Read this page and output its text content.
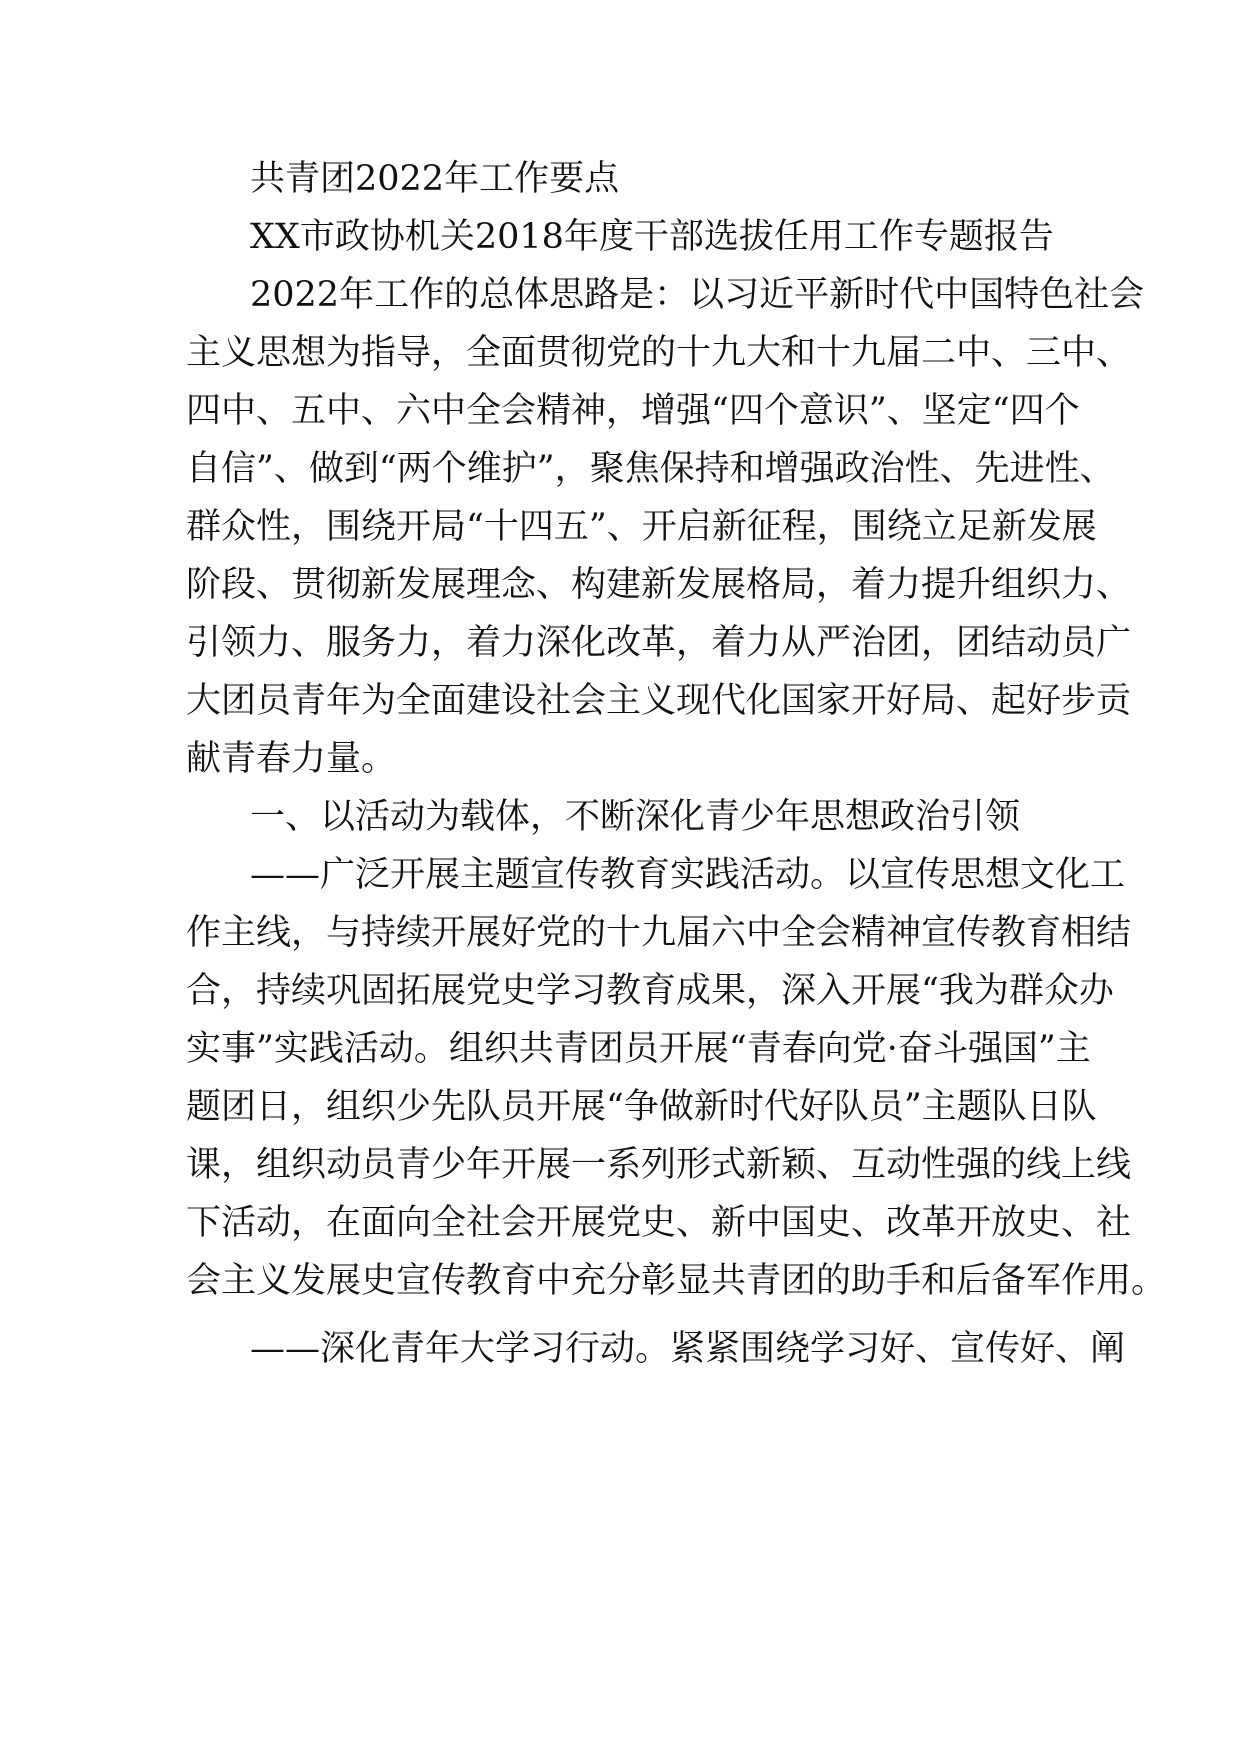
共青团2022年工作要点
XX市政协机关2018年度干部选拔任用工作专题报告
2022年工作的总体思路是：以习近平新时代中国特色社会
主义思想为指导，全面贯彻党的十九大和十九届二中、三中、
四中、五中、六中全会精神，增强“四个意识”、坚定“四个
自信”、做到“两个维护”，聚焦保持和增强政治性、先进性、
群众性，围绕开局“十四五”、开启新征程，围绕立足新发展
阶段、贯彻新发展理念、构建新发展格局，着力提升组织力、
引领力、服务力，着力深化改革，着力从严治团，团结动员广
大团员青年为全面建设社会主义现代化国家开好局、起好步贡
献青春力量。
一、以活动为载体，不断深化青少年思想政治引领
——广泛开展主题宣传教育实践活动。以宣传思想文化工
作主线，与持续开展好党的十九届六中全会精神宣传教育相结
合，持续巩固拓展党史学习教育成果，深入开展“我为群众办
实事”实践活动。组织共青团员开展“青春向党·奋斗强国”主
题团日，组织少先队员开展“争做新时代好队员”主题队日队
课，组织动员青少年开展一系列形式新颖、互动性强的线上线
下活动，在面向全社会开展党史、新中国史、改革开放史、社
会主义发展史宣传教育中充分彰显共青团的助手和后备军作用。
——深化青年大学习行动。紧紧围绕学习好、宣传好、阐
